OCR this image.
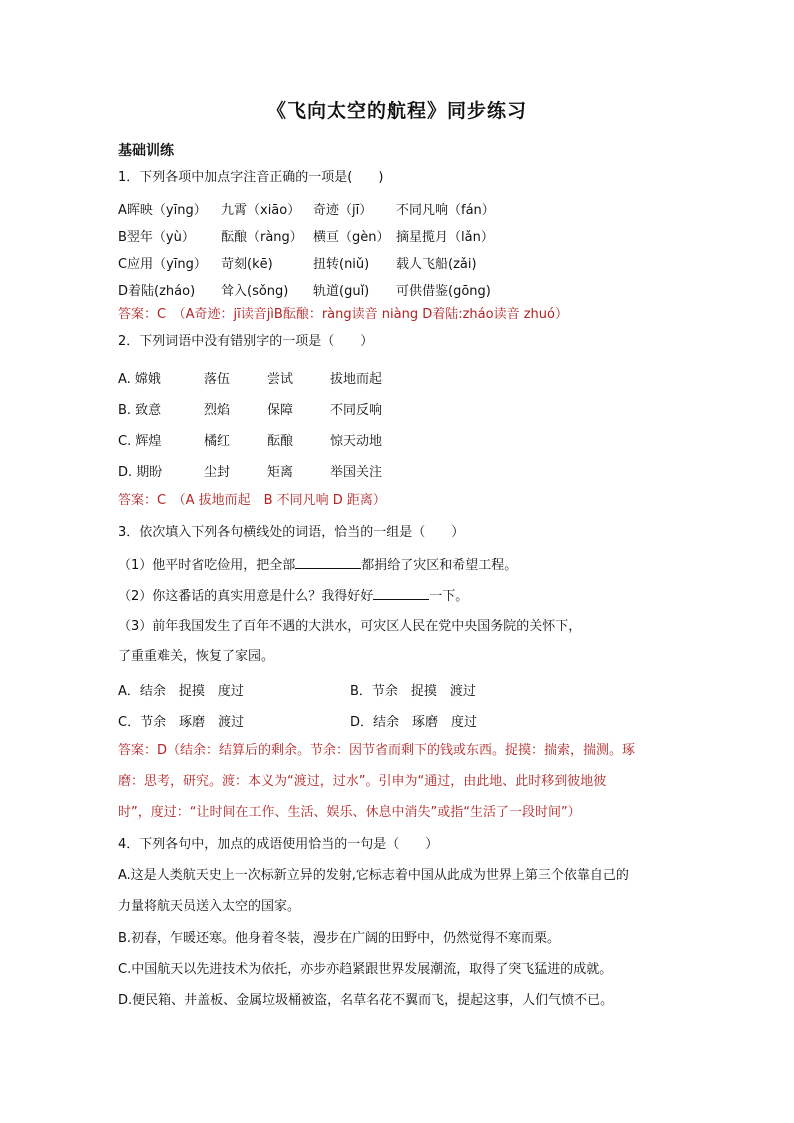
《飞向太空的航程》同步练习
基础训练
1．下列各项中加点字注音正确的一项是(　　)
A晖映（yīng） 九霄（xiāo） 奇迹（jī） 不同凡响（fán）
B翌年（yù） 酝酿（ràng） 横亘（gèn） 摘星揽月（lǎn）
C应用（yīng） 苛刻(kē)	扭转(niǔ) 载人飞船(zǎi)
D着陆(zháo) 耸入(sǒng) 轨道(guǐ) 可供借鉴(gōng)
答案：C　（A奇迹：jī读音jìB酝酿：ràng读音 niàng D着陆:zháo读音 zhuó）
2．下列词语中没有错别字的一项是（　　）
A. 嫦娥	落伍	尝试	拔地而起
B. 致意	烈焰	保障	不同反响
C. 辉煌	橘红	酝酿	惊天动地
D. 期盼	尘封	矩离	举国关注
答案：C　（A 拔地而起　B 不同凡响 D 距离）
3．依次填入下列各句横线处的词语，恰当的一组是（　　）
（1）他平时省吃俭用，把全部	都捐给了灾区和希望工程。
（2）你这番话的真实用意是什么？我得好好	一下。
（3）前年我国发生了百年不遇的大洪水，可灾区人民在党中央国务院的关怀下，
了重重难关，恢复了家园。
A．结余　捉摸　度过	B．节余　捉摸　渡过
C．节余　琢磨　渡过	D．结余　琢磨　度过
答案：D（结余：结算后的剩余。节余：因节省而剩下的钱或东西。捉摸：揣索，揣测。琢
磨：思考，研究。渡：本义为“渡过，过水”。引申为“通过，由此地、此时移到彼地彼
时”，度过：“让时间在工作、生活、娱乐、休息中消失”或指“生活了一段时间”）
4．下列各句中，加点的成语使用恰当的一句是（　　）
A.这是人类航天史上一次标新立异的发射,它标志着中国从此成为世界上第三个依靠自己的
力量将航天员送入太空的国家。
B.初春，乍暖还寒。他身着冬装，漫步在广阔的田野中，仍然觉得不寒而栗。
C.中国航天以先进技术为依托，亦步亦趋紧跟世界发展潮流，取得了突飞猛进的成就。
D.便民箱、井盖板、金属垃圾桶被盗，名草名花不翼而飞，提起这事，人们气愤不已。
